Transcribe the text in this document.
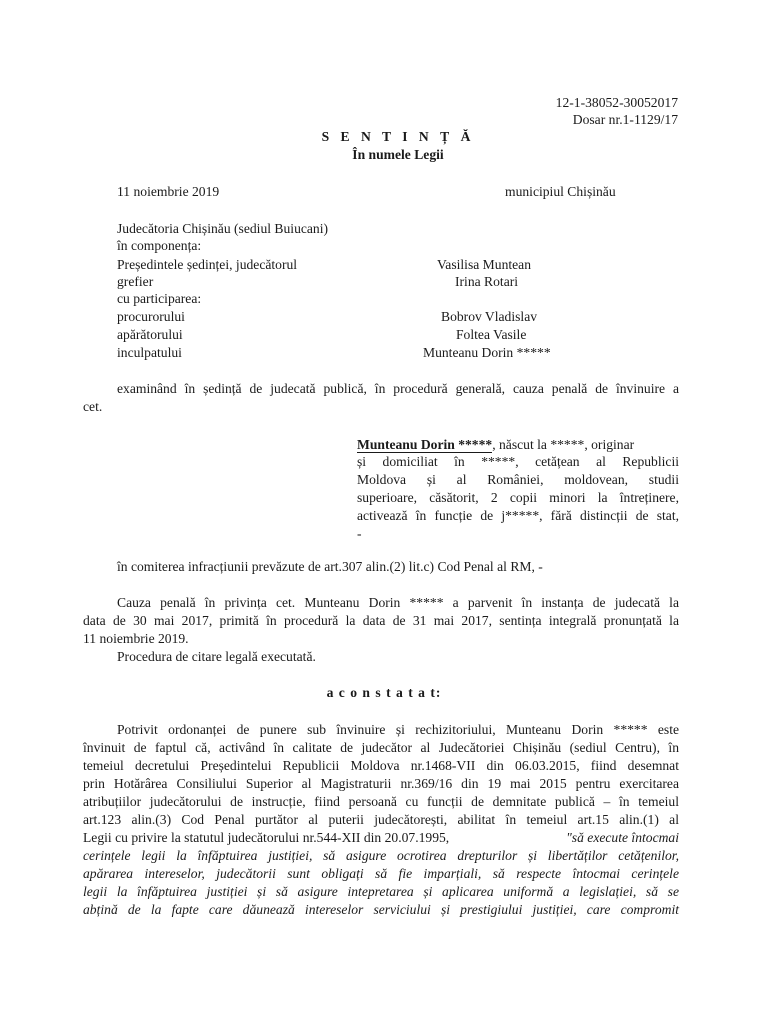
12-1-38052-30052017
Dosar nr.1-1129/17
S E N T I N Ț Ă
În numele Legii
11 noiembrie 2019	municipiul Chișinău
Judecătoria Chișinău (sediul Buiucani)
în componența:
Președintele ședinței, judecătorul	Vasilisa Muntean
grefier	Irina Rotari
cu participarea:
procurorului	Bobrov Vladislav
apărătorului	Foltea Vasile
inculpatului	Munteanu Dorin *****
examinând în ședință de judecată publică, în procedură generală, cauza penală de învinuire a
cet.
Munteanu Dorin *****, născut la *****, originar
și domiciliat în *****, cetățean al Republicii
Moldova și al României, moldovean, studii
superioare, căsătorit, 2 copii minori la întreținere,
activează în funcție de j*****, fără distincții de stat,
-
în comiterea infracțiunii prevăzute de art.307 alin.(2) lit.c) Cod Penal al RM, -
Cauza penală în privința cet. Munteanu Dorin ***** a parvenit în instanța de judecată la
data de 30 mai 2017, primită în procedură la data de 31 mai 2017, sentința integrală pronunțată la
11 noiembrie 2019.
Procedura de citare legală executată.
a c o n s t a t a t:
Potrivit ordonanței de punere sub învinuire și rechizitoriului, Munteanu Dorin ***** este
învinuit de faptul că, activând în calitate de judecător al Judecătoriei Chișinău (sediul Centru), în
temeiul decretului Președintelui Republicii Moldova nr.1468-VII din 06.03.2015, fiind desemnat
prin Hotărârea Consiliului Superior al Magistraturii nr.369/16 din 19 mai 2015 pentru exercitarea
atribuțiilor judecătorului de instrucție, fiind persoană cu funcții de demnitate publică – în temeiul
art.123 alin.(3) Cod Penal purtător al puterii judecătorești, abilitat în temeiul art.15 alin.(1) al
Legii cu privire la statutul judecătorului nr.544-XII din 20.07.1995,	"să execute întocmai
cerințele legii la înfăptuirea justiției, să asigure ocrotirea drepturilor și libertăților cetățenilor,
apărarea intereselor, judecătorii sunt obligați să fie imparțiali, să respecte întocmai cerințele
legii la înfăptuirea justiției și să asigure intepretarea și aplicarea uniformă a legislației, să se
abțină de la fapte care dăunează intereselor serviciului și prestigiului justiției, care compromit
